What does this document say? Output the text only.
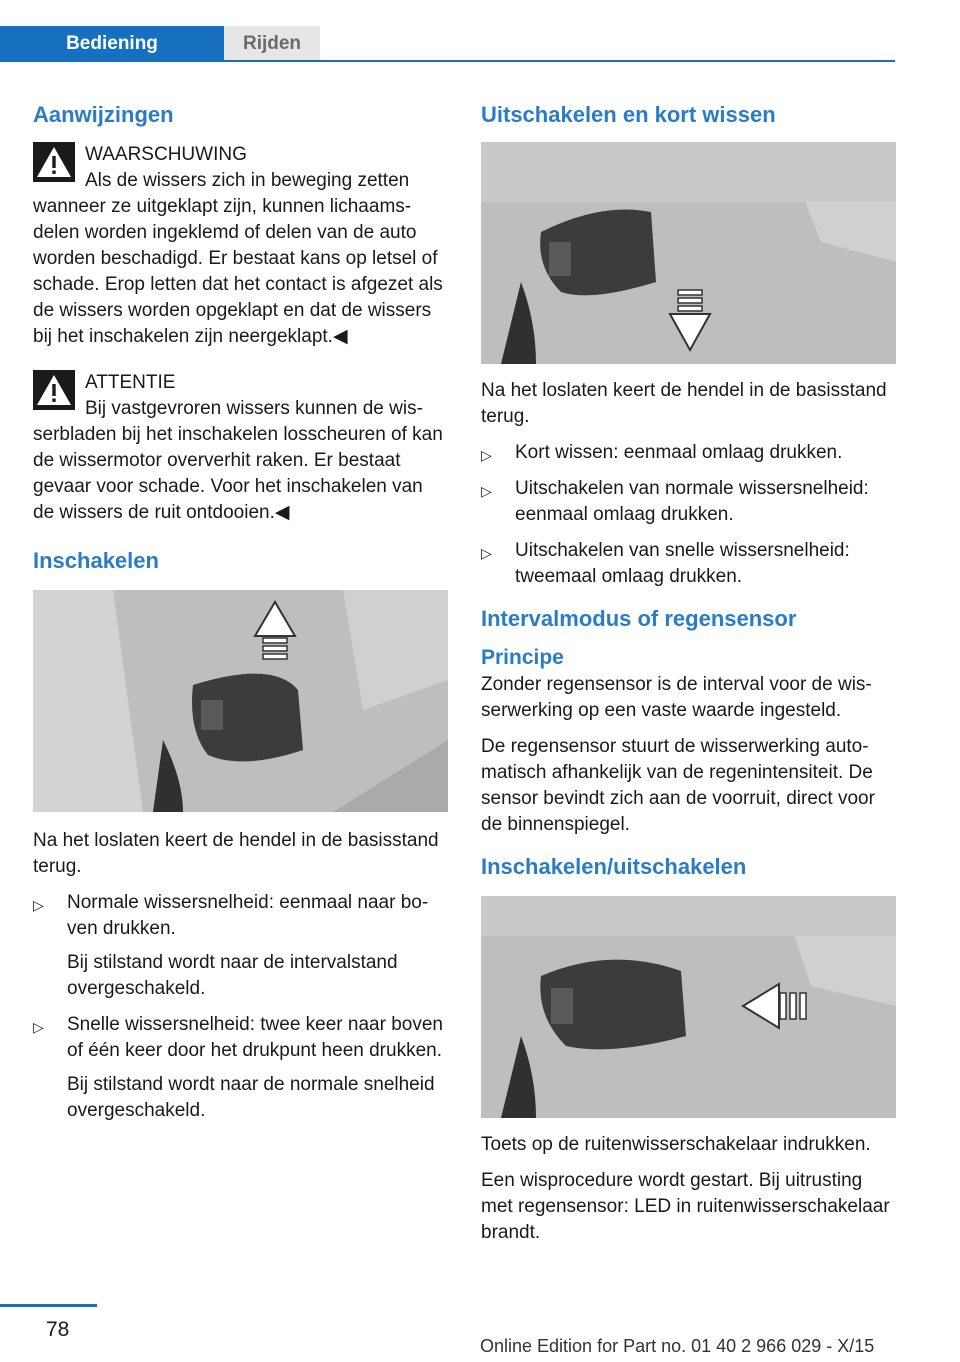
Bediening	Rijden
Aanwijzingen
WAARSCHUWING
Als de wissers zich in beweging zetten wanneer ze uitgeklapt zijn, kunnen lichaamsdelen worden ingeklemd of delen van de auto worden beschadigd. Er bestaat kans op letsel of schade. Erop letten dat het contact is afgezet als de wissers worden opgeklapt en dat de wissers bij het inschakelen zijn neergeklapt.◀
ATTENTIE
Bij vastgevroren wissers kunnen de wisserbladen bij het inschakelen losscheuren of kan de wissermotor oververhit raken. Er bestaat gevaar voor schade. Voor het inschakelen van de wissers de ruit ontdooien.◀
Inschakelen

Na het loslaten keert de hendel in de basisstand terug.

▷ Normale wissersnelheid: eenmaal naar boven drukken.
Bij stilstand wordt naar de intervalstand overgeschakeld.
▷ Snelle wissersnelheid: twee keer naar boven of één keer door het drukpunt heen drukken.
Bij stilstand wordt naar de normale snelheid overgeschakeld.
Uitschakelen en kort wissen

Na het loslaten keert de hendel in de basisstand terug.

▷ Kort wissen: eenmaal omlaag drukken.
▷ Uitschakelen van normale wissersnelheid: eenmaal omlaag drukken.
▷ Uitschakelen van snelle wissersnelheid: tweemaal omlaag drukken.
Intervalmodus of regensensor
Principe

Zonder regensensor is de interval voor de wisserwerking op een vaste waarde ingesteld.

De regensensor stuurt de wisserwerking automatisch afhankelijk van de regenintensiteit. De sensor bevindt zich aan de voorruit, direct voor de binnenspiegel.

Inschakelen/uitschakelen

Toets op de ruitenwisserschakelaar indrukken.

Een wisprocedure wordt gestart. Bij uitrusting met regensensor: LED in ruitenwisserschakelaar brandt.

78
Online Edition for Part no. 01 40 2 966 029 - X/15
